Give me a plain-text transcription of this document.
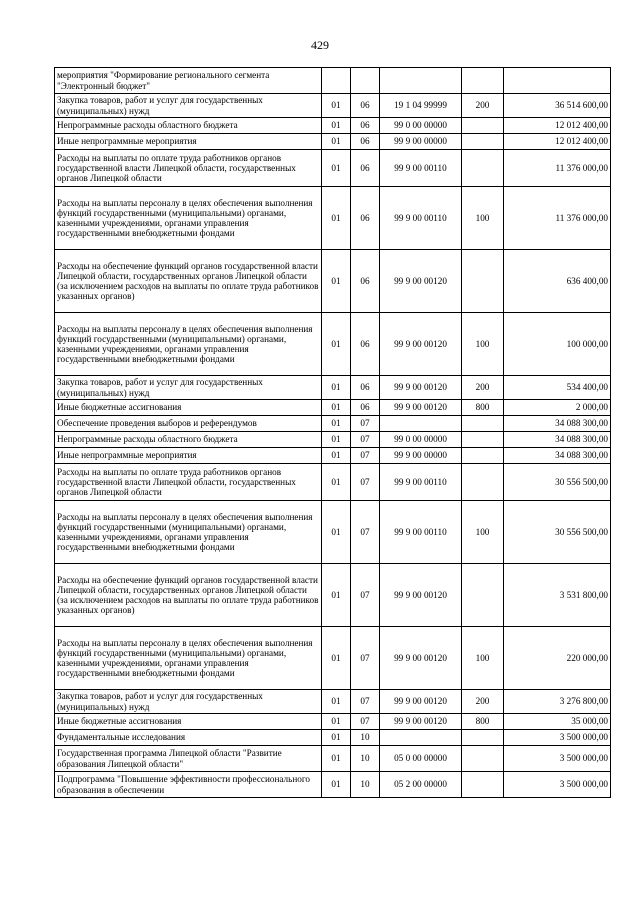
429
мероприятия "Формирование регионального сегмента "Электронный бюджет"					
Закупка товаров, работ и услуг для государственных (муниципальных) нужд	01	06	19 1 04 99999	200	36 514 600,00
Непрограммные расходы областного бюджета	01	06	99 0 00 00000		12 012 400,00
Иные непрограммные мероприятия	01	06	99 9 00 00000		12 012 400,00
Расходы на выплаты по оплате труда работников органов государственной власти Липецкой области, государственных органов Липецкой области	01	06	99 9 00 00110		11 376 000,00
Расходы на выплаты персоналу в целях обеспечения выполнения функций государственными (муниципальными) органами, казенными учреждениями, органами управления государственными внебюджетными фондами	01	06	99 9 00 00110	100	11 376 000,00
Расходы на обеспечение функций органов государственной власти Липецкой области, государственных органов Липецкой области (за исключением расходов на выплаты по оплате труда работников указанных органов)	01	06	99 9 00 00120		636 400,00
Расходы на выплаты персоналу в целях обеспечения выполнения функций государственными (муниципальными) органами, казенными учреждениями, органами управления государственными внебюджетными фондами	01	06	99 9 00 00120	100	100 000,00
Закупка товаров, работ и услуг для государственных (муниципальных) нужд	01	06	99 9 00 00120	200	534 400,00
Иные бюджетные ассигнования	01	06	99 9 00 00120	800	2 000,00
Обеспечение проведения выборов и референдумов	01	07			34 088 300,00
Непрограммные расходы областного бюджета	01	07	99 0 00 00000		34 088 300,00
Иные непрограммные мероприятия	01	07	99 9 00 00000		34 088 300,00
Расходы на выплаты по оплате труда работников органов государственной власти Липецкой области, государственных органов Липецкой области	01	07	99 9 00 00110		30 556 500,00
Расходы на выплаты персоналу в целях обеспечения выполнения функций государственными (муниципальными) органами, казенными учреждениями, органами управления государственными внебюджетными фондами	01	07	99 9 00 00110	100	30 556 500,00
Расходы на обеспечение функций органов государственной власти Липецкой области, государственных органов Липецкой области (за исключением расходов на выплаты по оплате труда работников указанных органов)	01	07	99 9 00 00120		3 531 800,00
Расходы на выплаты персоналу в целях обеспечения выполнения функций государственными (муниципальными) органами, казенными учреждениями, органами управления государственными внебюджетными фондами	01	07	99 9 00 00120	100	220 000,00
Закупка товаров, работ и услуг для государственных (муниципальных) нужд	01	07	99 9 00 00120	200	3 276 800,00
Иные бюджетные ассигнования	01	07	99 9 00 00120	800	35 000,00
Фундаментальные исследования	01	10			3 500 000,00
Государственная программа Липецкой области "Развитие образования Липецкой области"	01	10	05 0 00 00000		3 500 000,00
Подпрограмма "Повышение эффективности профессионального образования в обеспечении	01	10	05 2 00 00000		3 500 000,00
